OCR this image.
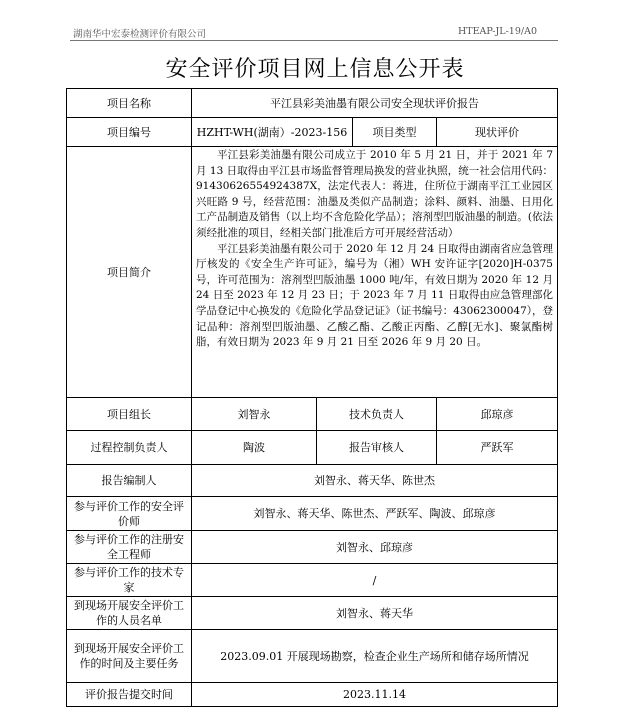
湖南华中宏泰检测评价有限公司	HTEAP-JL-19/A0
安全评价项目网上信息公开表
项目名称	平江县彩美油墨有限公司安全现状评价报告			
项目编号	HZHT-WH(湖南）-2023-156		项目类型	现状评价
项目简介	平江县彩美油墨有限公司成立于 2010 年 5 月 21 日，并于 2021 年 7 月 13 日取得由平江县市场监督管理局换发的营业执照，统一社会信用代码：91430626554924387X，法定代表人：蒋进，住所位于湖南平江工业园区兴旺路 9 号，经营范围：油墨及类似产品制造；涂料、颜料、油墨、日用化工产品制造及销售（以上均不含危险化学品）；溶剂型凹版油墨的制造。(依法须经批准的项目，经相关部门批准后方可开展经营活动）

平江县彩美油墨有限公司于 2020 年 12 月 24 日取得由湖南省应急管理厅核发的《安全生产许可证》，编号为（湘）WH 安许证字[2020]H-0375 号，许可范围为：溶剂型凹版油墨 1000 吨/年，有效日期为 2020 年 12 月 24 日至 2023 年 12 月 23 日；于 2023 年 7 月 11 日取得由应急管理部化学品登记中心换发的《危险化学品登记证》（证书编号：43062300047），登记品种：溶剂型凹版油墨、乙酸乙酯、乙酸正丙酯、乙醇[无水]、聚氯酯树脂，有效日期为 2023 年 9 月 21 日至 2026 年 9 月 20 日。			

项目组长	刘智永	技术负责人		邱琼彦
过程控制负责人	陶波	报告审核人		严跃军
报告编制人	刘智永、蒋天华、陈世杰			
参与评价工作的安全评价师	刘智永、蒋天华、陈世杰、严跃军、陶波、邱琼彦			
参与评价工作的注册安全工程师	刘智永、邱琼彦			
参与评价工作的技术专家	/			
到现场开展安全评价工作的人员名单	刘智永、蒋天华			
到现场开展安全评价工作的时间及主要任务	2023.09.01 开展现场勘察，检查企业生产场所和储存场所情况			
评价报告提交时间	2023.11.14			
